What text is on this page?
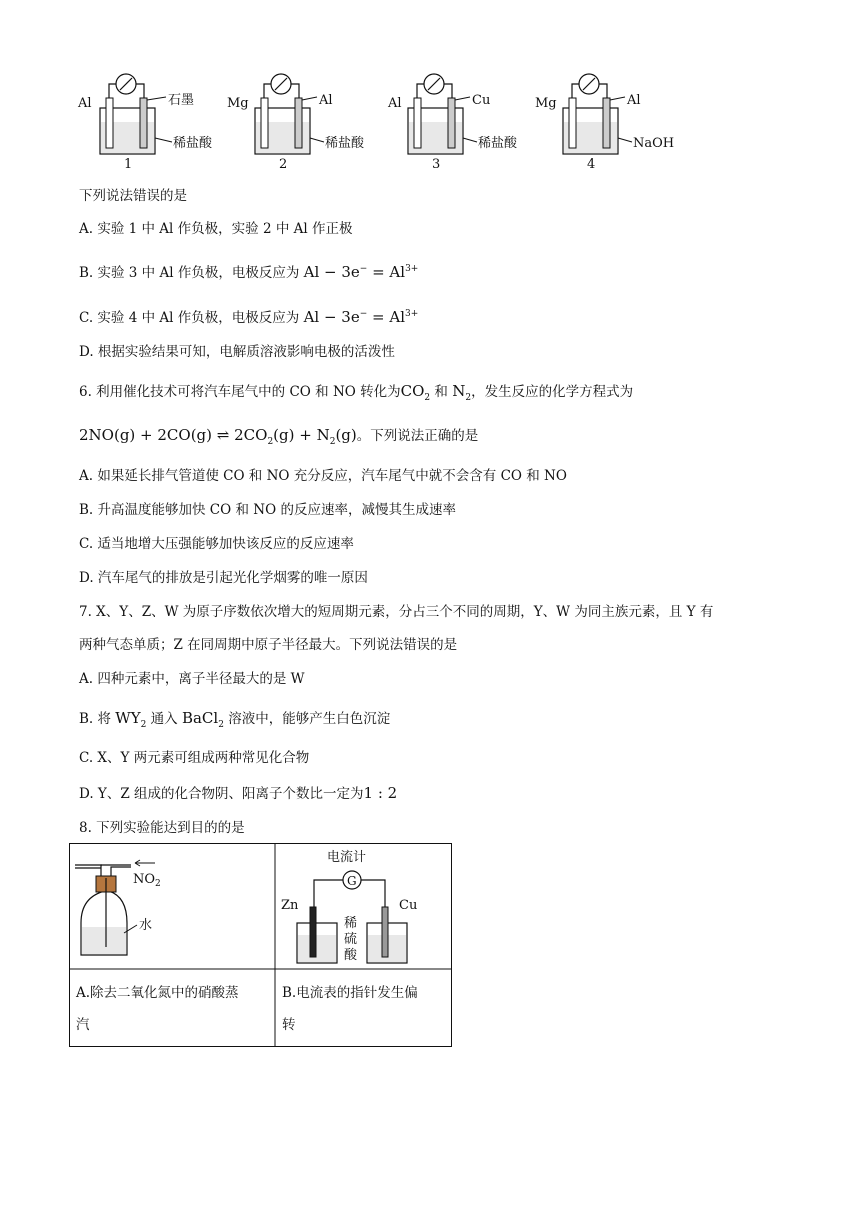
Al	石墨
稀盐酸
1
Mg	Al
稀盐酸
2
Al	Cu
稀盐酸
3
Mg	Al
NaOH
4
下列说法错误的是
A. 实验 1 中 Al 作负极，实验 2 中 Al 作正极
B. 实验 3 中 Al 作负极，电极反应为 $Al - 3e^- = Al^{3+}$
C. 实验 4 中 Al 作负极，电极反应为 $Al - 3e^- = Al^{3+}$
D. 根据实验结果可知，电解质溶液影响电极的活泼性
6. 利用催化技术可将汽车尾气中的 CO 和 NO 转化为$CO_2$ 和 $N_2$，发生反应的化学方程式为
2NO(g) + 2CO(g) ⇌ $2CO_2(g) + N_2(g)$。下列说法正确的是
A. 如果延长排气管道使 CO 和 NO 充分反应，汽车尾气中就不会含有 CO 和 NO
B. 升高温度能够加快 CO 和 NO 的反应速率，减慢其生成速率
C. 适当地增大压强能够加快该反应的反应速率
D. 汽车尾气的排放是引起光化学烟雾的唯一原因
7. X、Y、Z、W 为原子序数依次增大的短周期元素，分占三个不同的周期，Y、W 为同主族元素，且 Y 有
两种气态单质；Z 在同周期中原子半径最大。下列说法错误的是
A. 四种元素中，离子半径最大的是 W
B. 将 $WY_2$ 通入 BaCl$_2$ 溶液中，能够产生白色沉淀
C. X、Y 两元素可组成两种常见化合物
D. Y、Z 组成的化合物阴、阳离子个数比一定为1 : 2
8. 下列实验能达到目的的是
$NO_2$
水
电流计
G
Zn	Cu
稀
硫
酸
A.除去二氧化氮中的硝酸蒸
汽
B.电流表的指针发生偏
转
